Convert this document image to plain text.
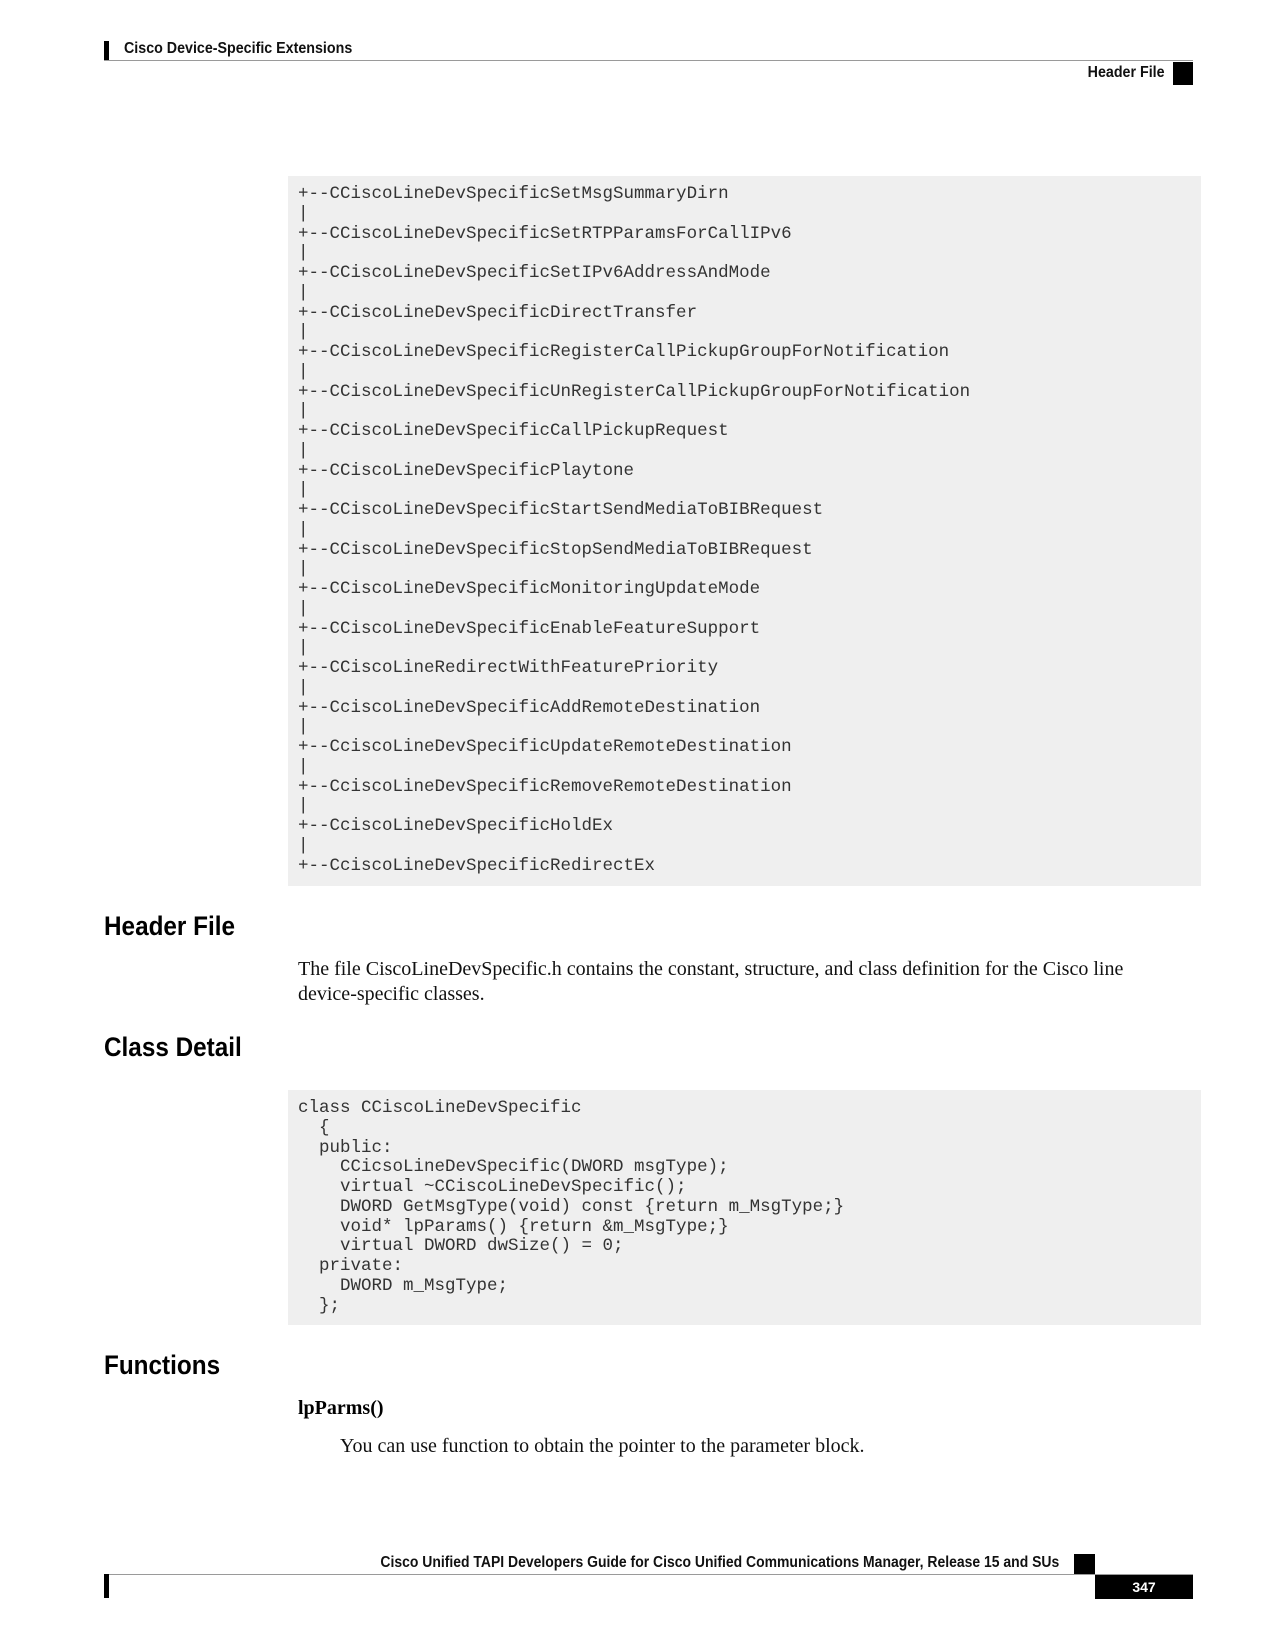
Cisco Device-Specific Extensions
Header File
+--CCiscoLineDevSpecificSetMsgSummaryDirn
|
+--CCiscoLineDevSpecificSetRTPParamsForCallIPv6
|
+--CCiscoLineDevSpecificSetIPv6AddressAndMode
|
+--CCiscoLineDevSpecificDirectTransfer
|
+--CCiscoLineDevSpecificRegisterCallPickupGroupForNotification
|
+--CCiscoLineDevSpecificUnRegisterCallPickupGroupForNotification
|
+--CCiscoLineDevSpecificCallPickupRequest
|
+--CCiscoLineDevSpecificPlaytone
|
+--CCiscoLineDevSpecificStartSendMediaToBIBRequest
|
+--CCiscoLineDevSpecificStopSendMediaToBIBRequest
|
+--CCiscoLineDevSpecificMonitoringUpdateMode
|
+--CCiscoLineDevSpecificEnableFeatureSupport
|
+--CCiscoLineRedirectWithFeaturePriority
|
+--CciscoLineDevSpecificAddRemoteDestination
|
+--CciscoLineDevSpecificUpdateRemoteDestination
|
+--CciscoLineDevSpecificRemoveRemoteDestination
|
+--CciscoLineDevSpecificHoldEx
|
+--CciscoLineDevSpecificRedirectEx
Header File
The file CiscoLineDevSpecific.h contains the constant, structure, and class definition for the Cisco line device-specific classes.
Class Detail
class CCiscoLineDevSpecific
{
public:
CCicsoLineDevSpecific(DWORD msgType);
virtual ~CCiscoLineDevSpecific();
DWORD GetMsgType(void) const {return m_MsgType;}
void* lpParams() {return &m_MsgType;}
virtual DWORD dwSize() = 0;
private:
DWORD m_MsgType;
};
Functions
lpParms()
You can use function to obtain the pointer to the parameter block.
Cisco Unified TAPI Developers Guide for Cisco Unified Communications Manager, Release 15 and SUs
347
